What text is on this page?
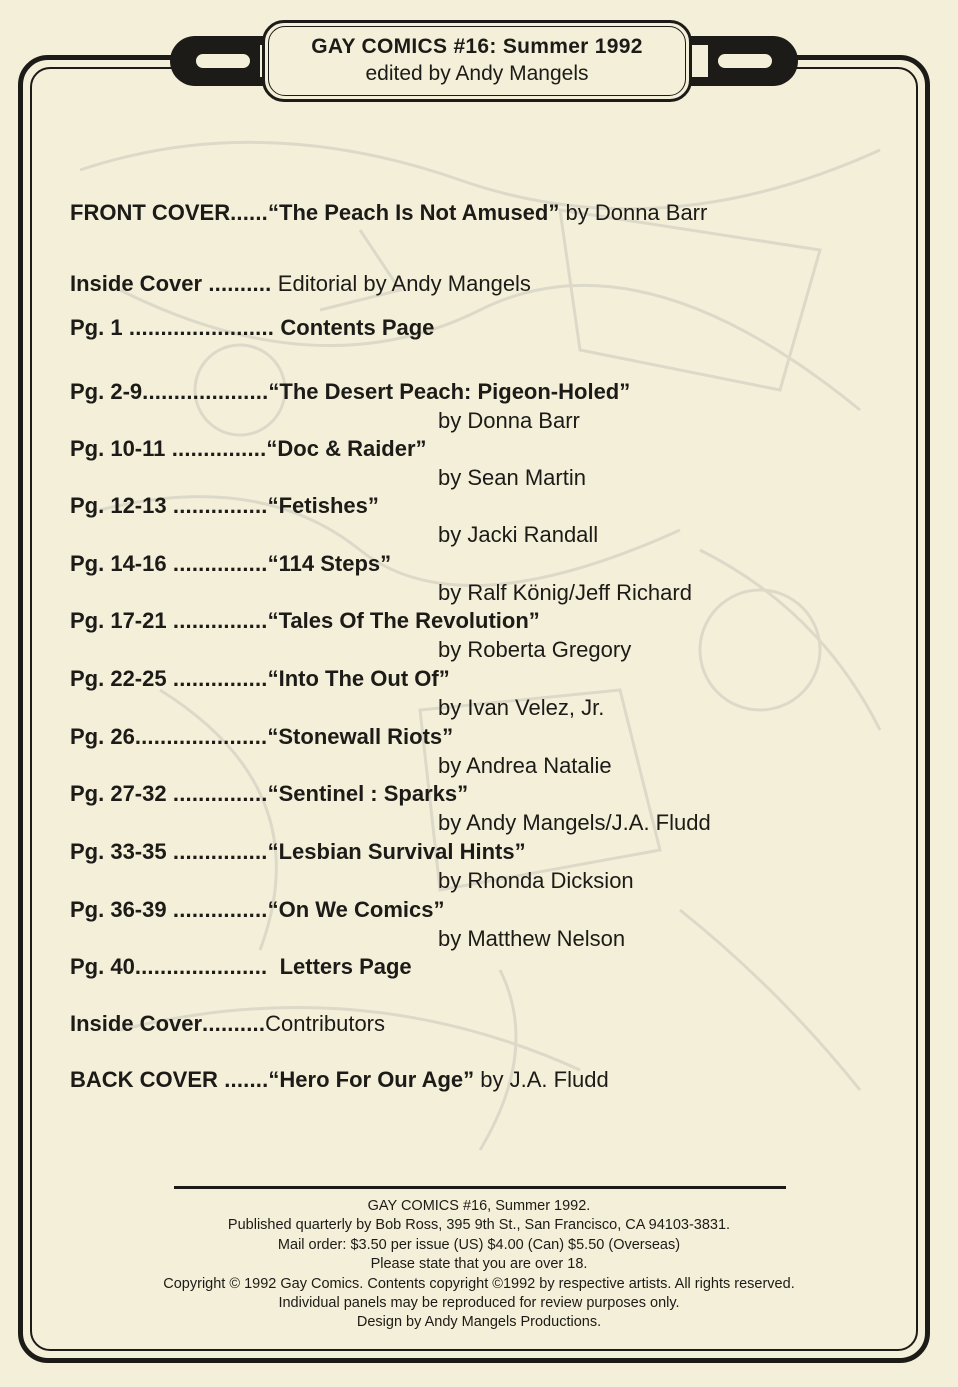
GAY COMICS #16: Summer 1992
edited by Andy Mangels
FRONT COVER......“The Peach Is Not Amused” by Donna Barr
Inside Cover .......... Editorial by Andy Mangels
Pg. 1 ....................... Contents Page
Pg. 2-9....................“The Desert Peach: Pigeon-Holed”
by Donna Barr
Pg. 10-11 ...............“Doc & Raider”
by Sean Martin
Pg. 12-13 ...............“Fetishes”
by Jacki Randall
Pg. 14-16 ...............“114 Steps”
by Ralf König/Jeff Richard
Pg. 17-21 ...............“Tales Of The Revolution”
by Roberta Gregory
Pg. 22-25 ...............“Into The Out Of”
by Ivan Velez, Jr.
Pg. 26.....................“Stonewall Riots”
by Andrea Natalie
Pg. 27-32 ...............“Sentinel : Sparks”
by Andy Mangels/J.A. Fludd
Pg. 33-35 ...............“Lesbian Survival Hints”
by Rhonda Dicksion
Pg. 36-39 ...............“On We Comics”
by Matthew Nelson
Pg. 40.....................  Letters Page
Inside Cover..........Contributors
BACK COVER .......“Hero For Our Age” by J.A. Fludd
GAY COMICS #16, Summer 1992.
Published quarterly by Bob Ross, 395 9th St., San Francisco, CA 94103-3831.
Mail order: $3.50 per issue (US) $4.00 (Can) $5.50 (Overseas)
Please state that you are over 18.
Copyright © 1992 Gay Comics. Contents copyright ©1992 by respective artists. All rights reserved.
Individual panels may be reproduced for review purposes only.
Design by Andy Mangels Productions.
